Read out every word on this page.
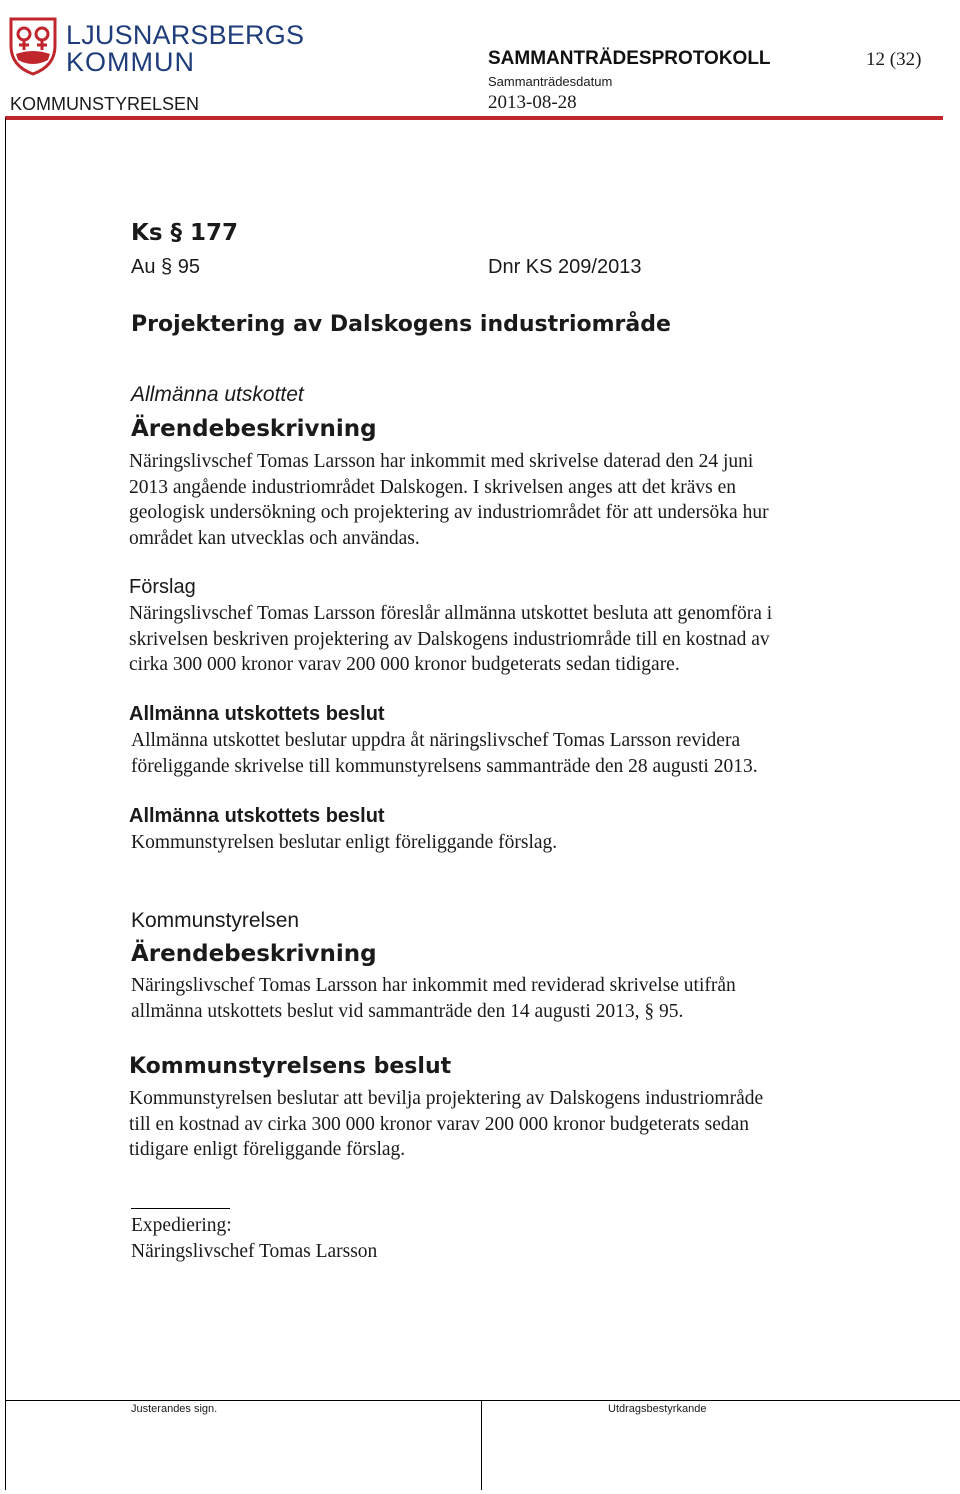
LJUSNARSBERGS
KOMMUN	SAMMANTRÄDESPROTOKOLL	12 (32)
Sammanträdesdatum
2013-08-28
KOMMUNSTYRELSEN
Ks § 177
Au § 95	Dnr KS 209/2013
Projektering av Dalskogens industriområde
Allmänna utskottet
Ärendebeskrivning
Näringslivschef Tomas Larsson har inkommit med skrivelse daterad den 24 juni
2013 angående industriområdet Dalskogen. I skrivelsen anges att det krävs en
geologisk undersökning och projektering av industriområdet för att undersöka hur
området kan utvecklas och användas.
Förslag
Näringslivschef Tomas Larsson föreslår allmänna utskottet besluta att genomföra i
skrivelsen beskriven projektering av Dalskogens industriområde till en kostnad av
cirka 300 000 kronor varav 200 000 kronor budgeterats sedan tidigare.
Allmänna utskottets beslut
Allmänna utskottet beslutar uppdra åt näringslivschef Tomas Larsson revidera
föreliggande skrivelse till kommunstyrelsens sammanträde den 28 augusti 2013.
Allmänna utskottets beslut
Kommunstyrelsen beslutar enligt föreliggande förslag.
Kommunstyrelsen
Ärendebeskrivning
Näringslivschef Tomas Larsson har inkommit med reviderad skrivelse utifrån
allmänna utskottets beslut vid sammanträde den 14 augusti 2013, § 95.
Kommunstyrelsens beslut
Kommunstyrelsen beslutar att bevilja projektering av Dalskogens industriområde
till en kostnad av cirka 300 000 kronor varav 200 000 kronor budgeterats sedan
tidigare enligt föreliggande förslag.
Expediering:
Näringslivschef Tomas Larsson
Justerandes sign.	Utdragsbestyrkande
